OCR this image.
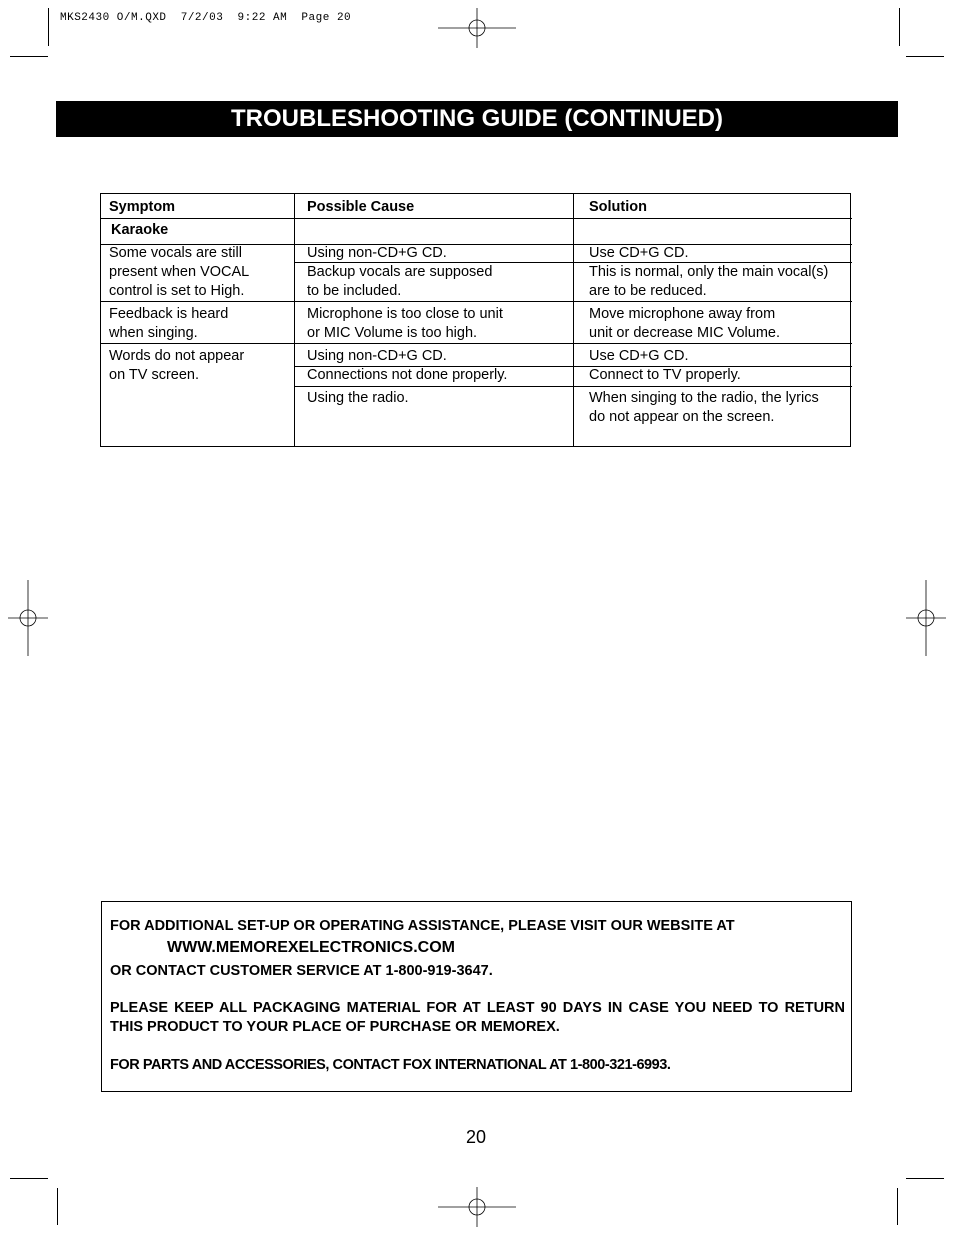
MKS2430 O/M.QXD  7/2/03  9:22 AM  Page 20
TROUBLESHOOTING GUIDE (CONTINUED)
Symptom	Possible Cause	Solution
Karaoke
Some vocals are still
present when VOCAL
control is set to High.
Using non-CD+G CD.
Backup vocals are supposed
to be included.
Use CD+G CD.
This is normal, only the main vocal(s)
are to be reduced.
Feedback is heard
when singing.
Microphone is too close to unit
or MIC Volume is too high.
Move microphone away from
unit or decrease MIC Volume.
Words do not appear
on TV screen.
Using non-CD+G CD.
Connections not done properly.
Using the radio.
Use CD+G CD.
Connect to TV properly.
When singing to the radio, the lyrics
do not appear on the screen.

FOR ADDITIONAL SET-UP OR OPERATING ASSISTANCE, PLEASE VISIT OUR WEBSITE AT

WWW.MEMOREXELECTRONICS.COM

OR CONTACT CUSTOMER SERVICE AT 1-800-919-3647.

PLEASE KEEP ALL PACKAGING MATERIAL FOR AT LEAST 90 DAYS IN CASE YOU NEED TO RETURN THIS PRODUCT TO YOUR PLACE OF PURCHASE OR MEMOREX.

FOR PARTS AND ACCESSORIES, CONTACT FOX INTERNATIONAL AT 1-800-321-6993.

20
